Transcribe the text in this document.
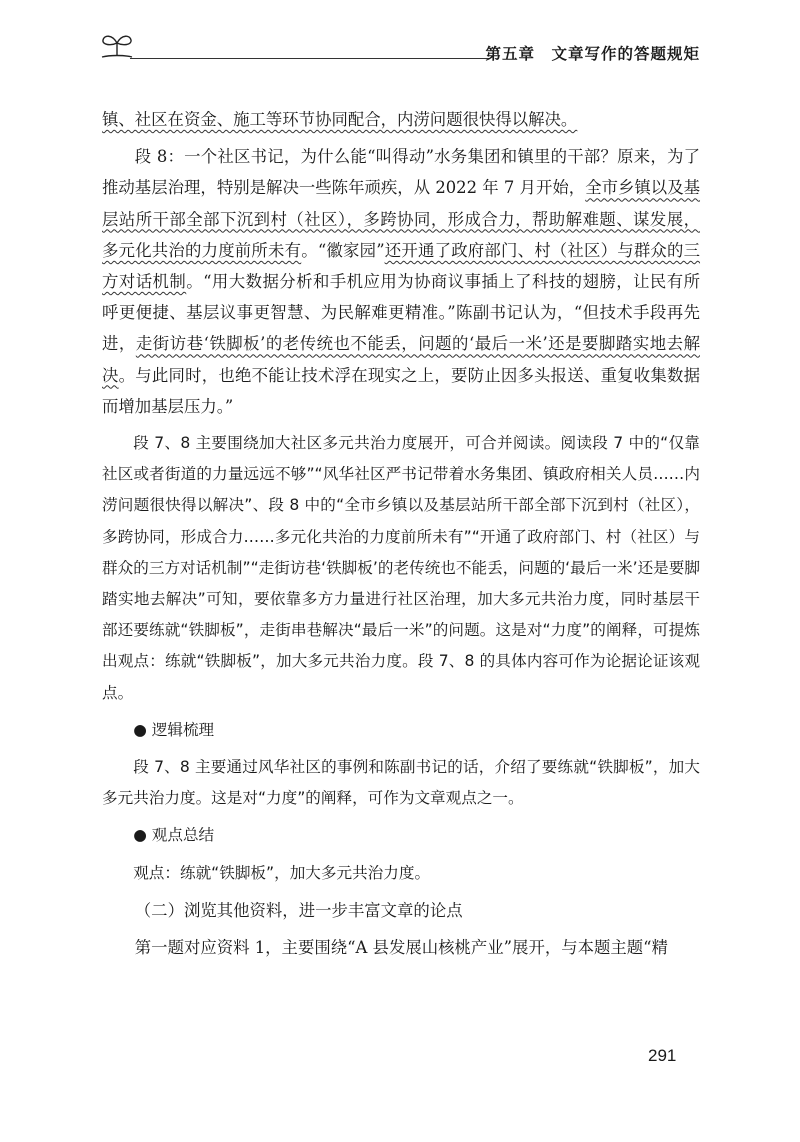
第五章　文章写作的答题规矩

镇、社区在资金、施工等环节协同配合，内涝问题很快得以解决。

段 8：一个社区书记，为什么能“叫得动”水务集团和镇里的干部？原来，为了推动基层治理，特别是解决一些陈年顽疾，从 2022 年 7 月开始，全市乡镇以及基层站所干部全部下沉到村（社区），多跨协同，形成合力，帮助解难题、谋发展，多元化共治的力度前所未有。“徽家园”还开通了政府部门、村（社区）与群众的三方对话机制。“用大数据分析和手机应用为协商议事插上了科技的翅膀，让民有所呼更便捷、基层议事更智慧、为民解难更精准。”陈副书记认为，“但技术手段再先进，走街访巷‘铁脚板’的老传统也不能丢，问题的‘最后一米’还是要脚踏实地去解决。与此同时，也绝不能让技术浮在现实之上，要防止因多头报送、重复收集数据而增加基层压力。”

段 7、8 主要围绕加大社区多元共治力度展开，可合并阅读。阅读段 7 中的“仅靠社区或者街道的力量远远不够”“风华社区严书记带着水务集团、镇政府相关人员……内涝问题很快得以解决”、段 8 中的“全市乡镇以及基层站所干部全部下沉到村（社区），多跨协同，形成合力……多元化共治的力度前所未有”“开通了政府部门、村（社区）与群众的三方对话机制”“走街访巷‘铁脚板’的老传统也不能丢，问题的‘最后一米’还是要脚踏实地去解决”可知，要依靠多方力量进行社区治理，加大多元共治力度，同时基层干部还要练就“铁脚板”，走街串巷解决“最后一米”的问题。这是对“力度”的阐释，可提炼出观点：练就“铁脚板”，加大多元共治力度。段 7、8 的具体内容可作为论据论证该观点。

● 逻辑梳理

段 7、8 主要通过风华社区的事例和陈副书记的话，介绍了要练就“铁脚板”，加大多元共治力度。这是对“力度”的阐释，可作为文章观点之一。

● 观点总结

观点：练就“铁脚板”，加大多元共治力度。

（二）浏览其他资料，进一步丰富文章的论点

第一题对应资料 1，主要围绕“A 县发展山核桃产业”展开，与本题主题“精

291
